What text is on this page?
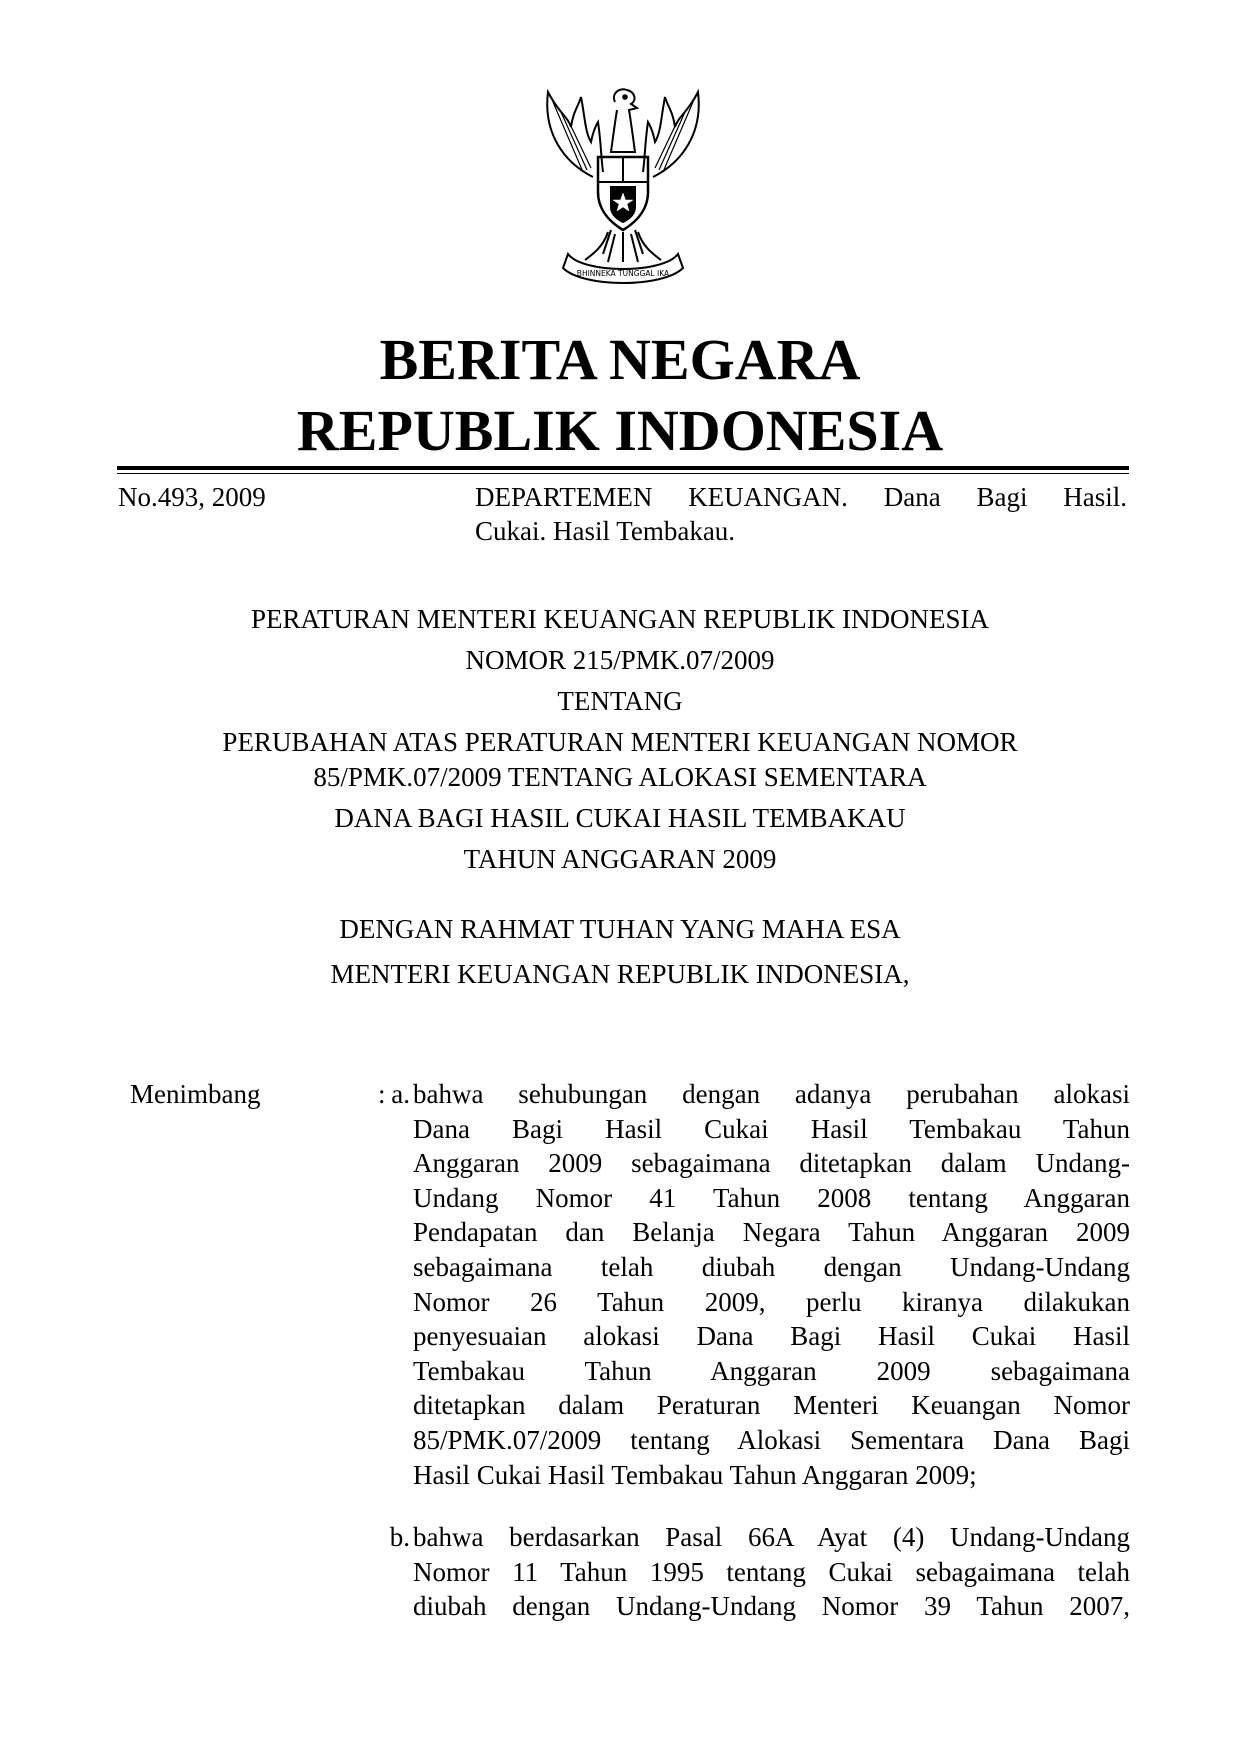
BHINNEKA TUNGGAL IKA
BERITA NEGARA
REPUBLIK INDONESIA
No.493, 2009	DEPARTEMEN KEUANGAN. Dana Bagi Hasil.
Cukai. Hasil Tembakau.
PERATURAN MENTERI KEUANGAN REPUBLIK INDONESIA
NOMOR 215/PMK.07/2009
TENTANG
PERUBAHAN ATAS PERATURAN MENTERI KEUANGAN NOMOR
85/PMK.07/2009 TENTANG ALOKASI SEMENTARA
DANA BAGI HASIL CUKAI HASIL TEMBAKAU
TAHUN ANGGARAN 2009
DENGAN RAHMAT TUHAN YANG MAHA ESA
MENTERI KEUANGAN REPUBLIK INDONESIA,
Menimbang	: a. bahwa sehubungan dengan adanya perubahan alokasi
Dana Bagi Hasil Cukai Hasil Tembakau Tahun
Anggaran 2009 sebagaimana ditetapkan dalam Undang-
Undang Nomor 41 Tahun 2008 tentang Anggaran
Pendapatan dan Belanja Negara Tahun Anggaran 2009
sebagaimana telah diubah dengan Undang-Undang
Nomor 26 Tahun 2009, perlu kiranya dilakukan
penyesuaian alokasi Dana Bagi Hasil Cukai Hasil
Tembakau Tahun Anggaran 2009 sebagaimana
ditetapkan dalam Peraturan Menteri Keuangan Nomor
85/PMK.07/2009 tentang Alokasi Sementara Dana Bagi
Hasil Cukai Hasil Tembakau Tahun Anggaran 2009;
b. bahwa berdasarkan Pasal 66A Ayat (4) Undang-Undang
Nomor 11 Tahun 1995 tentang Cukai sebagaimana telah
diubah dengan Undang-Undang Nomor 39 Tahun 2007,
